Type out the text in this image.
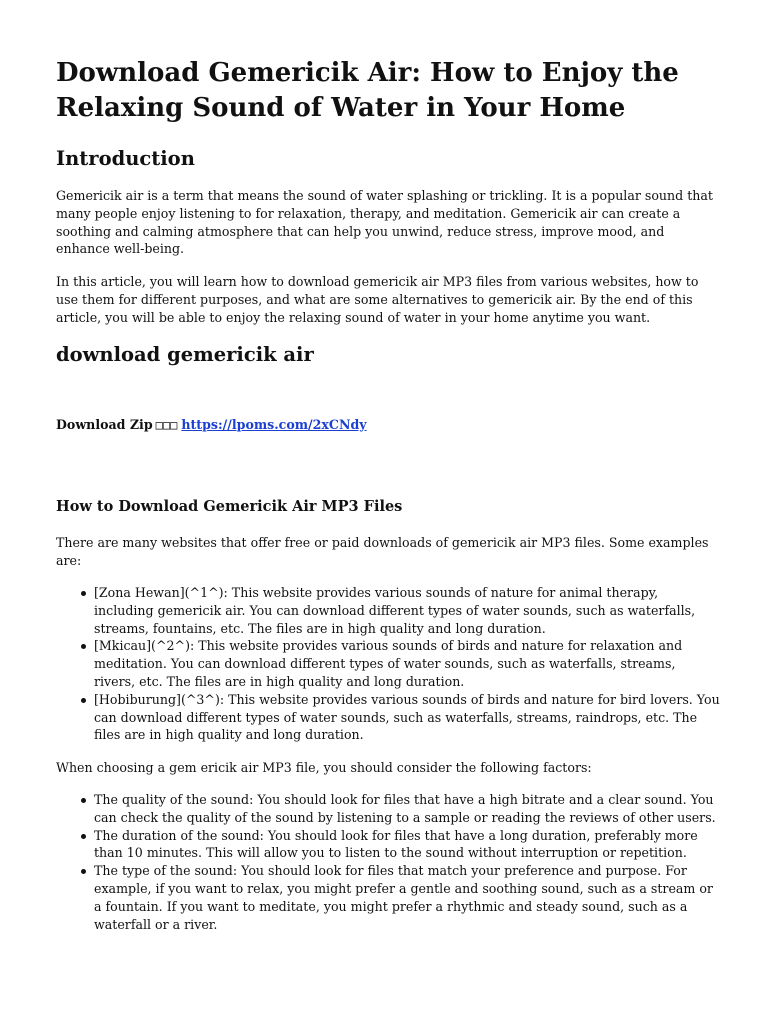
Download Gemericik Air: How to Enjoy the Relaxing Sound of Water in Your Home
Introduction

Gemericik air is a term that means the sound of water splashing or trickling. It is a popular sound that many people enjoy listening to for relaxation, therapy, and meditation. Gemericik air can create a soothing and calming atmosphere that can help you unwind, reduce stress, improve mood, and enhance well-being.

In this article, you will learn how to download gemericik air MP3 files from various websites, how to use them for different purposes, and what are some alternatives to gemericik air. By the end of this article, you will be able to enjoy the relaxing sound of water in your home anytime you want.

download gemericik air
Download Zip □□□ https://lpoms.com/2xCNdy
How to Download Gemericik Air MP3 Files

There are many websites that offer free or paid downloads of gemericik air MP3 files. Some examples are:

[Zona Hewan](^1^): This website provides various sounds of nature for animal therapy, including gemericik air. You can download different types of water sounds, such as waterfalls, streams, fountains, etc. The files are in high quality and long duration.
[Mkicau](^2^): This website provides various sounds of birds and nature for relaxation and meditation. You can download different types of water sounds, such as waterfalls, streams, rivers, etc. The files are in high quality and long duration.
[Hobiburung](^3^): This website provides various sounds of birds and nature for bird lovers. You can download different types of water sounds, such as waterfalls, streams, raindrops, etc. The files are in high quality and long duration.

When choosing a gem ericik air MP3 file, you should consider the following factors:

The quality of the sound: You should look for files that have a high bitrate and a clear sound. You can check the quality of the sound by listening to a sample or reading the reviews of other users.
The duration of the sound: You should look for files that have a long duration, preferably more than 10 minutes. This will allow you to listen to the sound without interruption or repetition.
The type of the sound: You should look for files that match your preference and purpose. For example, if you want to relax, you might prefer a gentle and soothing sound, such as a stream or a fountain. If you want to meditate, you might prefer a rhythmic and steady sound, such as a waterfall or a river.
